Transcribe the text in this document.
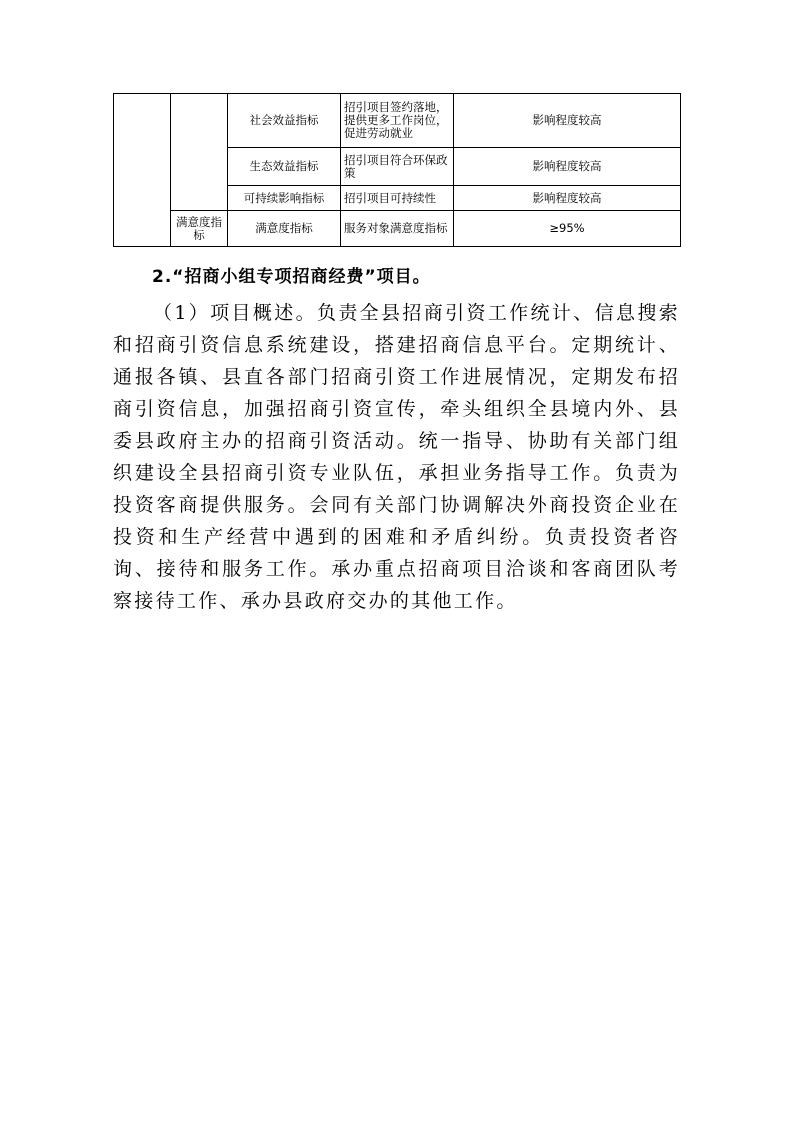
		社会效益指标	招引项目签约落地，提供更多工作岗位，促进劳动就业	影响程度较高
		生态效益指标	招引项目符合环保政策	影响程度较高
		可持续影响指标	招引项目可持续性	影响程度较高
	满意度指标	满意度指标	服务对象满意度指标	≥95%
2.“招商小组专项招商经费”项目。

（1）项目概述。负责全县招商引资工作统计、信息搜索和招商引资信息系统建设，搭建招商信息平台。定期统计、通报各镇、县直各部门招商引资工作进展情况，定期发布招商引资信息，加强招商引资宣传，牵头组织全县境内外、县委县政府主办的招商引资活动。统一指导、协助有关部门组织建设全县招商引资专业队伍，承担业务指导工作。负责为投资客商提供服务。会同有关部门协调解决外商投资企业在投资和生产经营中遇到的困难和矛盾纠纷。负责投资者咨询、接待和服务工作。承办重点招商项目洽谈和客商团队考察接待工作、承办县政府交办的其他工作。
